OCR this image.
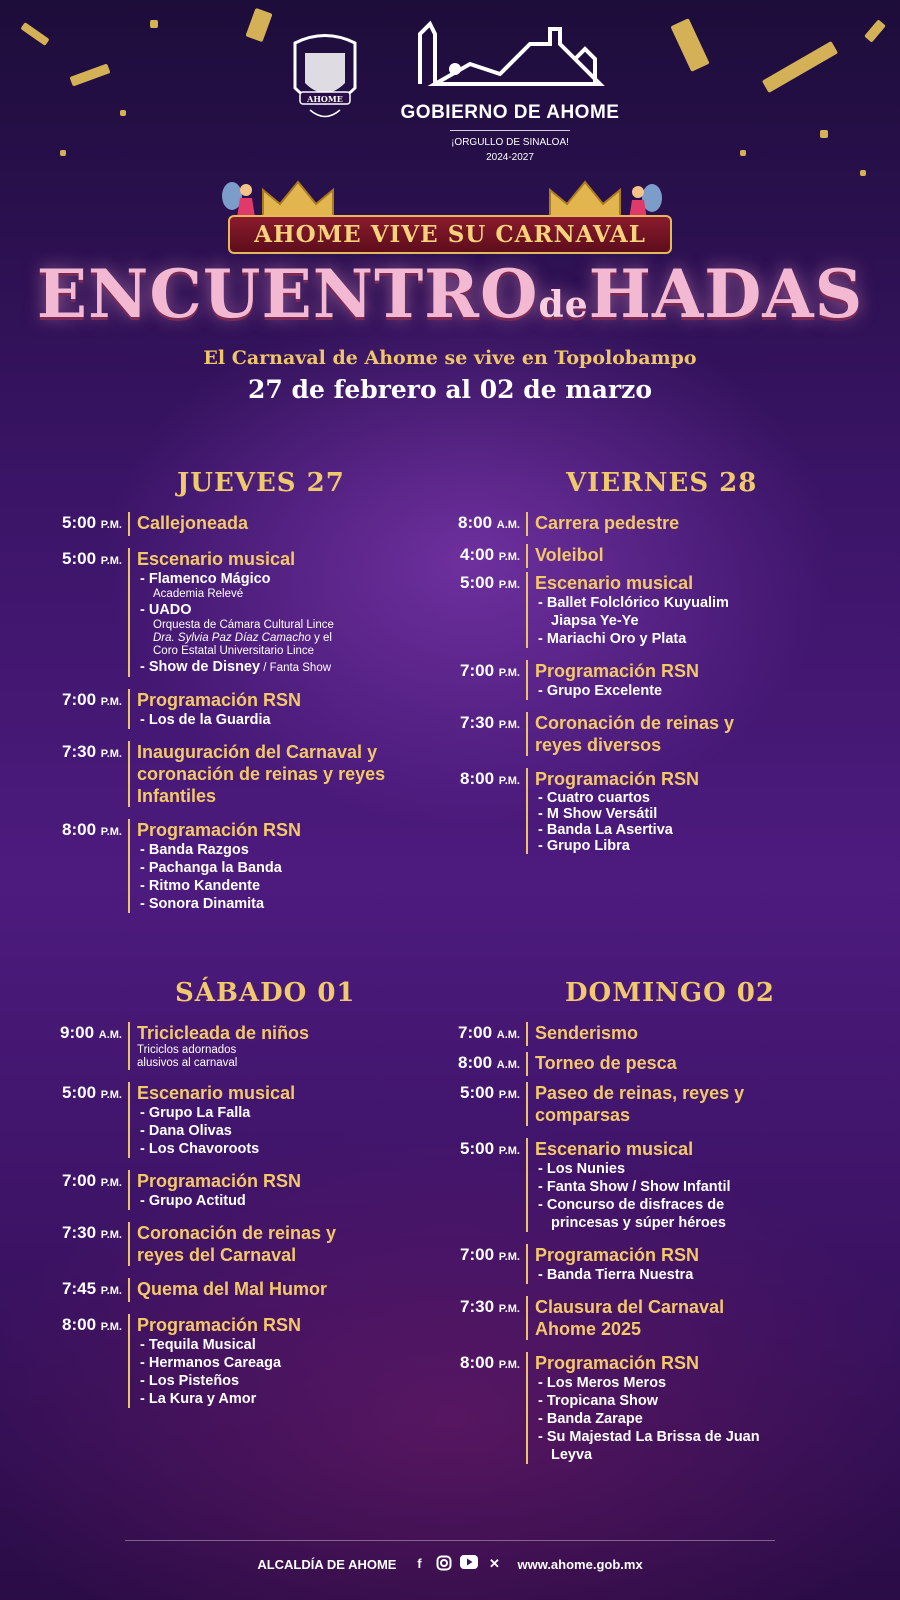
AHOME
GOBIERNO DE AHOME
¡ORGULLO DE SINALOA!
2024-2027
AHOME VIVE SU CARNAVAL
ENCUENTROdeHADAS
El Carnaval de Ahome se vive en Topolobampo
27 de febrero al 02 de marzo
JUEVES 27
5:00 P.M. Callejoneada
5:00 P.M. Escenario musical
- Flamenco Mágico
Academia Relevé
- UADO
Orquesta de Cámara Cultural Lince
Dra. Sylvia Paz Díaz Camacho y el
Coro Estatal Universitario Lince
- Show de Disney / Fanta Show
7:00 P.M. Programación RSN
- Los de la Guardia
7:30 P.M. Inauguración del Carnaval y coronación de reinas y reyes Infantiles
8:00 P.M. Programación RSN
- Banda Razgos
- Pachanga la Banda
- Ritmo Kandente
- Sonora Dinamita
VIERNES 28
8:00 A.M. Carrera pedestre
4:00 P.M. Voleibol
5:00 P.M. Escenario musical
- Ballet Folclórico Kuyualim Jiapsa Ye-Ye
- Mariachi Oro y Plata
7:00 P.M. Programación RSN
- Grupo Excelente
7:30 P.M. Coronación de reinas y reyes diversos
8:00 P.M. Programación RSN
- Cuatro cuartos
- M Show Versátil
- Banda La Asertiva
- Grupo Libra
SÁBADO 01
9:00 A.M. Tricicleada de niños
Triciclos adornados
alusivos al carnaval
5:00 P.M. Escenario musical
- Grupo La Falla
- Dana Olivas
- Los Chavoroots
7:00 P.M. Programación RSN
- Grupo Actitud
7:30 P.M. Coronación de reinas y reyes del Carnaval
7:45 P.M. Quema del Mal Humor
8:00 P.M. Programación RSN
- Tequila Musical
- Hermanos Careaga
- Los Pisteños
- La Kura y Amor
DOMINGO 02
7:00 A.M. Senderismo
8:00 A.M. Torneo de pesca
5:00 P.M. Paseo de reinas, reyes y comparsas
5:00 P.M. Escenario musical
- Los Nunies
- Fanta Show / Show Infantil
- Concurso de disfraces de princesas y súper héroes
7:00 P.M. Programación RSN
- Banda Tierra Nuestra
7:30 P.M. Clausura del Carnaval Ahome 2025
8:00 P.M. Programación RSN
- Los Meros Meros
- Tropicana Show
- Banda Zarape
- Su Majestad La Brissa de Juan Leyva
ALCALDÍA DE AHOME	f	✕ www.ahome.gob.mx
